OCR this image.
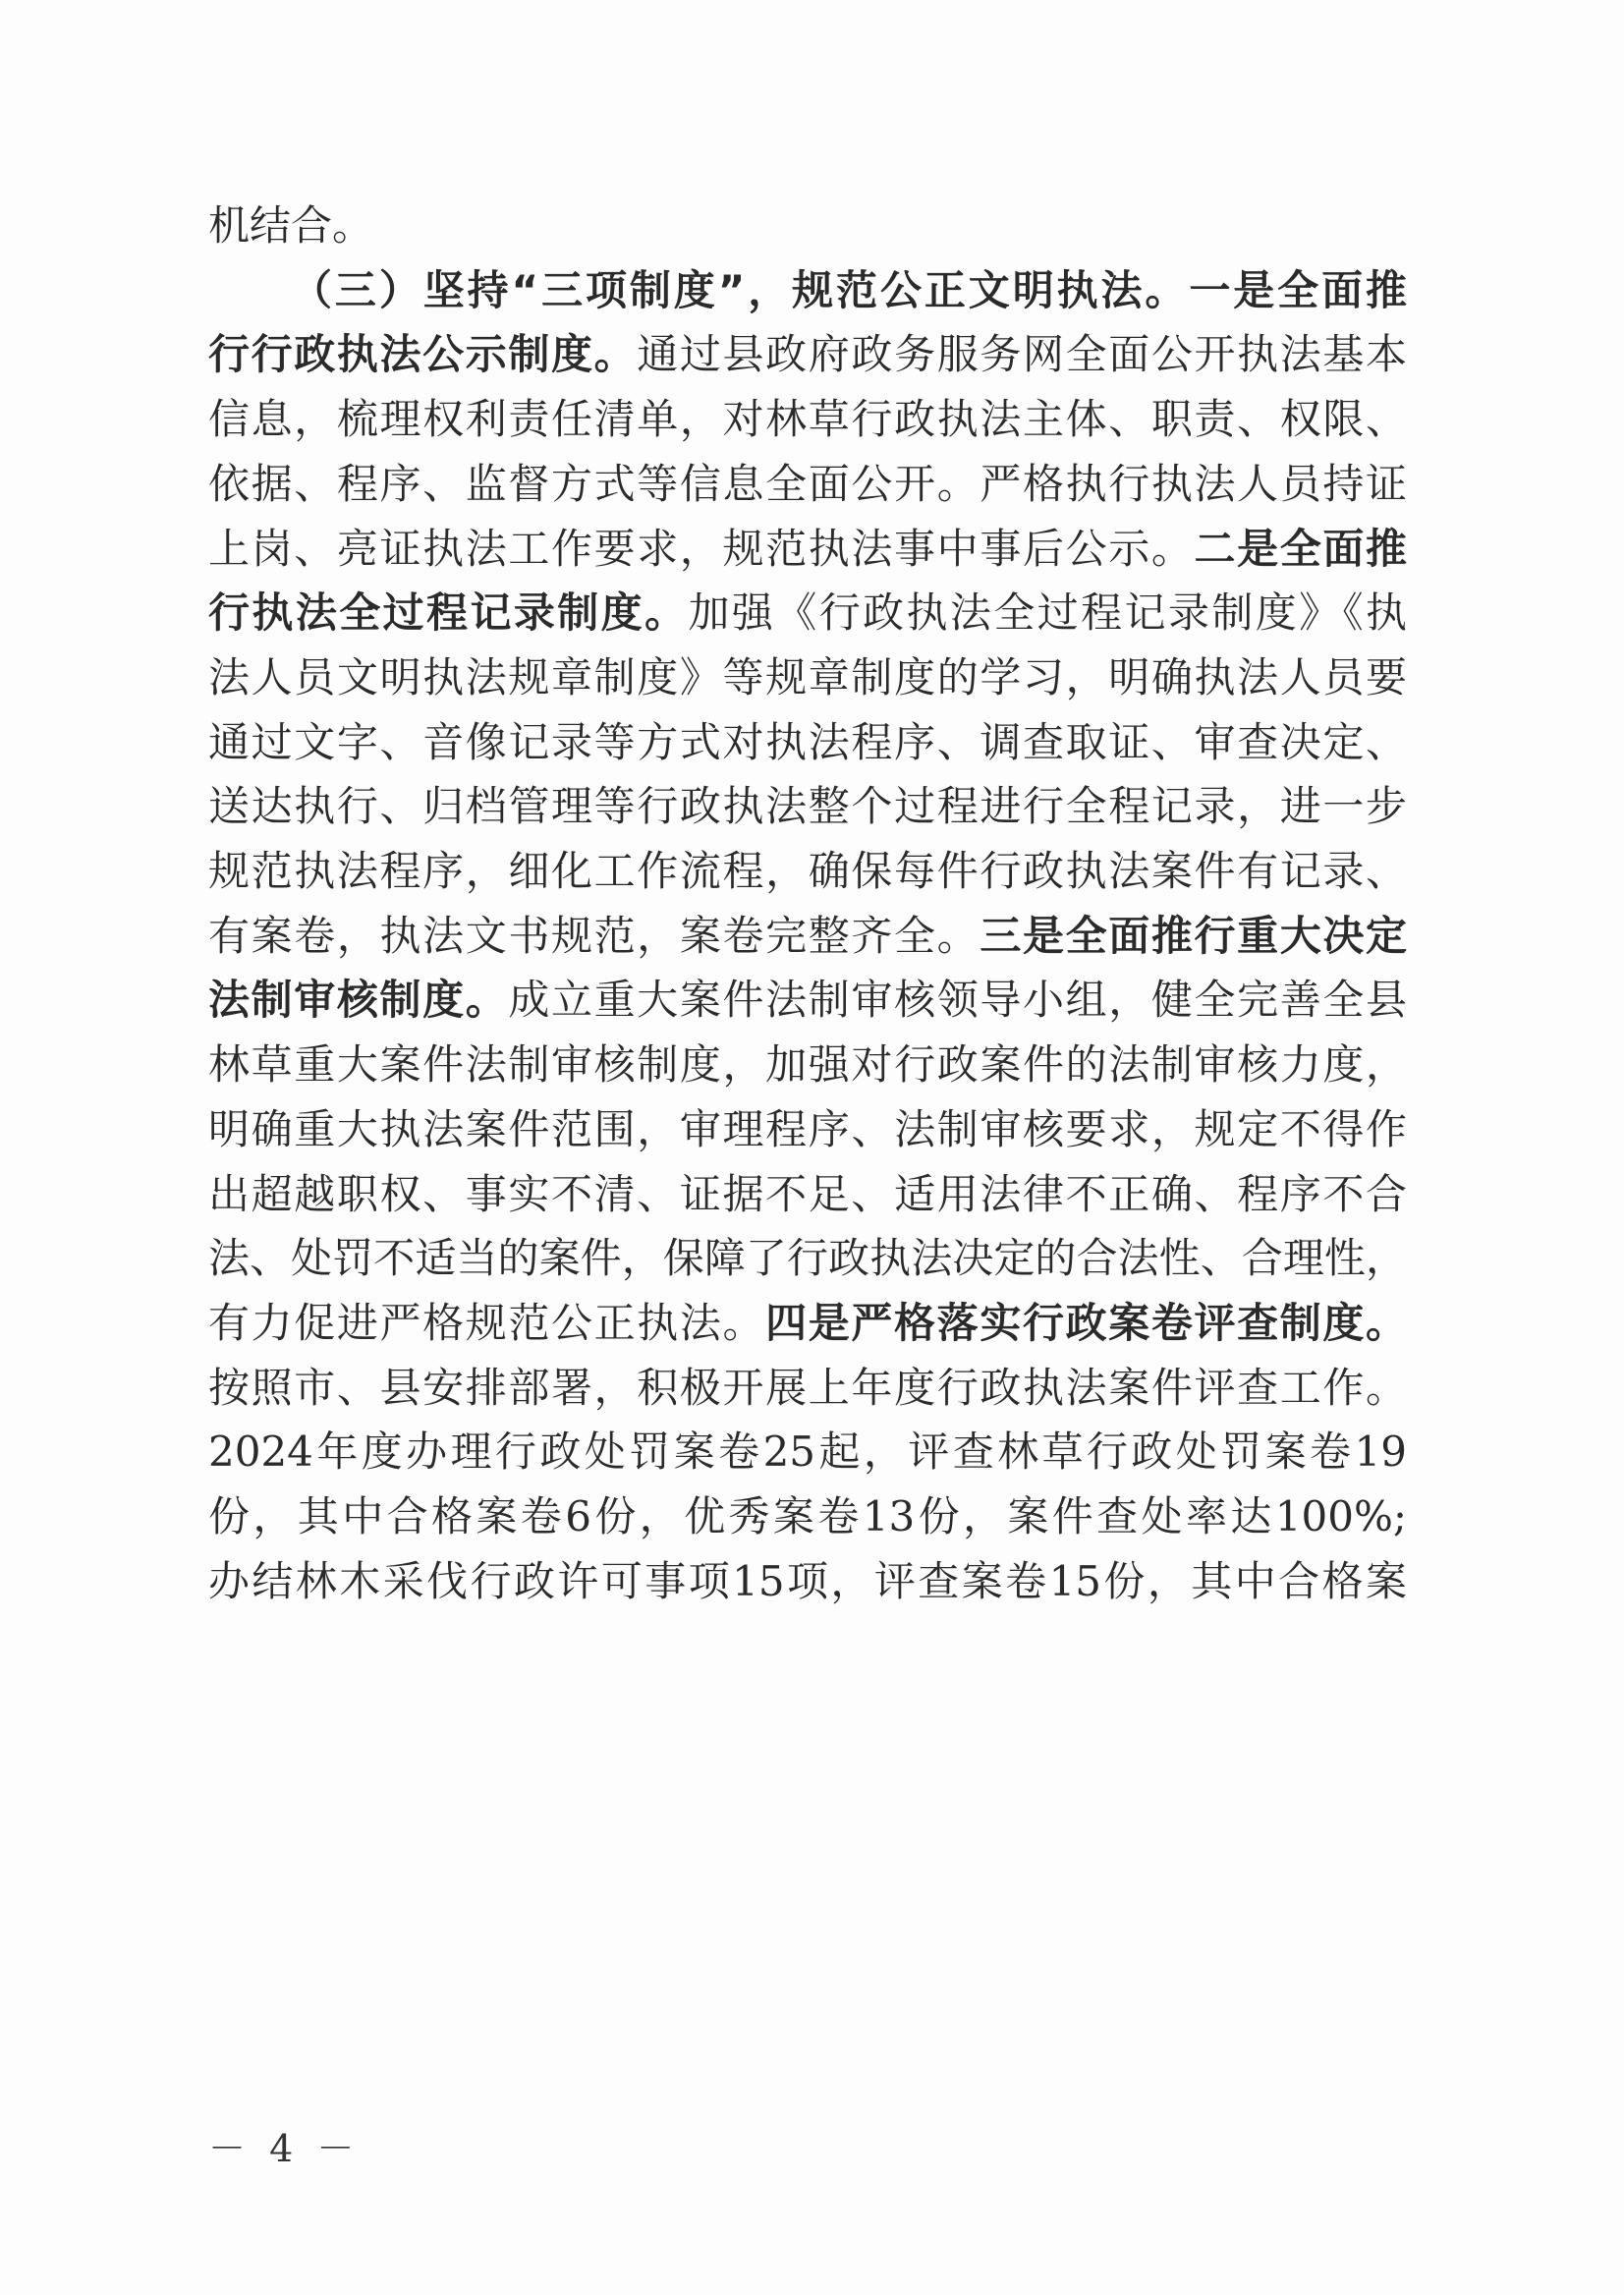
机结合。
（三）坚持“三项制度”，规范公正文明执法。一是全面推
行行政执法公示制度。通过县政府政务服务网全面公开执法基本
信息，梳理权利责任清单，对林草行政执法主体、职责、权限、
依据、程序、监督方式等信息全面公开。严格执行执法人员持证
上岗、亮证执法工作要求，规范执法事中事后公示。二是全面推
行执法全过程记录制度。加强《行政执法全过程记录制度》《执
法人员文明执法规章制度》等规章制度的学习，明确执法人员要
通过文字、音像记录等方式对执法程序、调查取证、审查决定、
送达执行、归档管理等行政执法整个过程进行全程记录，进一步
规范执法程序，细化工作流程，确保每件行政执法案件有记录、
有案卷，执法文书规范，案卷完整齐全。三是全面推行重大决定
法制审核制度。成立重大案件法制审核领导小组，健全完善全县
林草重大案件法制审核制度，加强对行政案件的法制审核力度，
明确重大执法案件范围，审理程序、法制审核要求，规定不得作
出超越职权、事实不清、证据不足、适用法律不正确、程序不合
法、处罚不适当的案件，保障了行政执法决定的合法性、合理性，
有力促进严格规范公正执法。四是严格落实行政案卷评查制度。
按照市、县安排部署，积极开展上年度行政执法案件评查工作。
2024年度办理行政处罚案卷25起，评查林草行政处罚案卷19
份，其中合格案卷6份，优秀案卷13份，案件查处率达100%;
办结林木采伐行政许可事项15项，评查案卷15份，其中合格案
－ 4 －
